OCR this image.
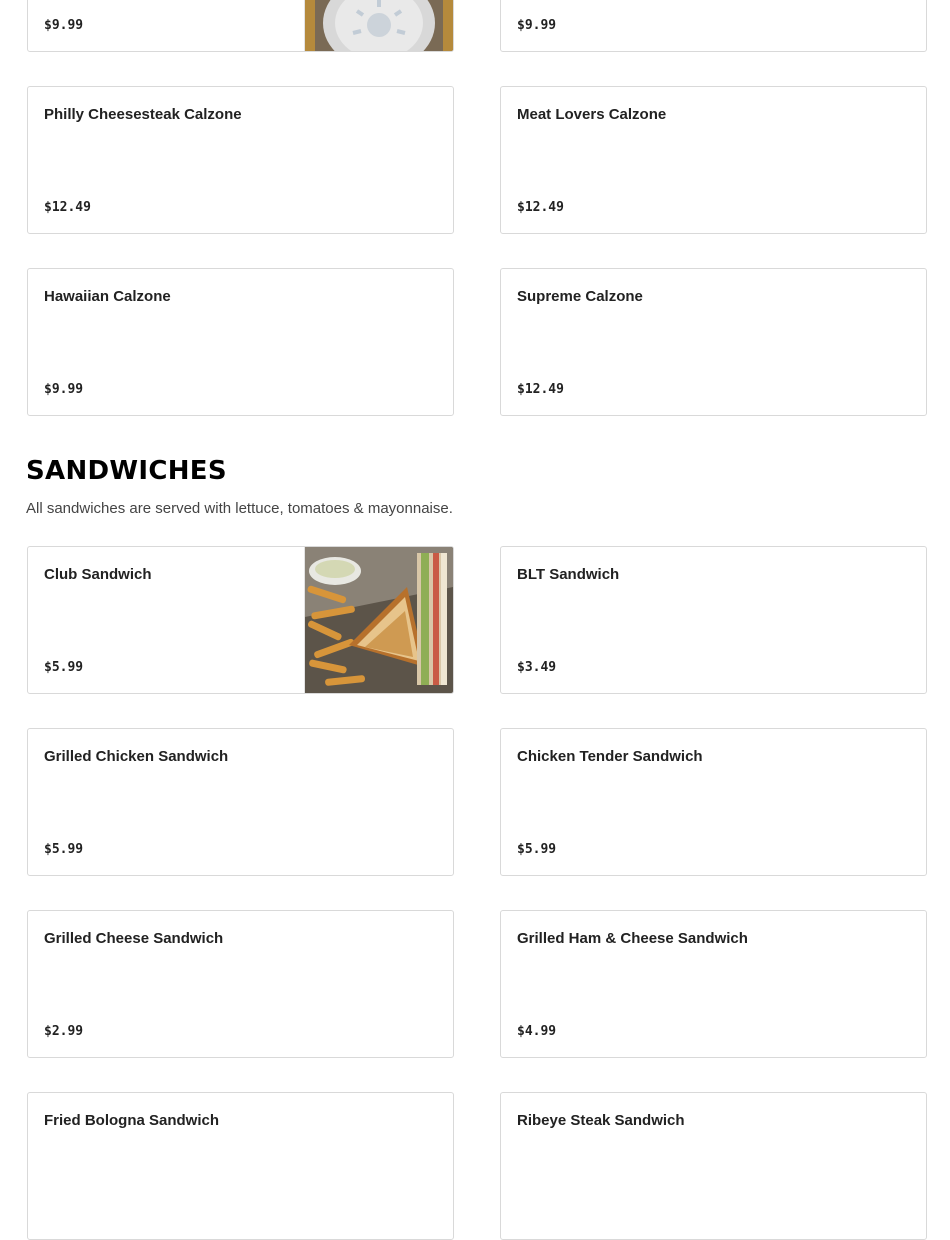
$9.99	$9.99
Philly Cheesesteak Calzone
$12.49
Meat Lovers Calzone
$12.49
Hawaiian Calzone
$9.99
Supreme Calzone
$12.49
SANDWICHES

All sandwiches are served with lettuce, tomatoes & mayonnaise.

Club Sandwich
$5.99
BLT Sandwich
$3.49
Grilled Chicken Sandwich
$5.99
Chicken Tender Sandwich
$5.99
Grilled Cheese Sandwich
$2.99
Grilled Ham & Cheese Sandwich
$4.99
Fried Bologna Sandwich	Ribeye Steak Sandwich
